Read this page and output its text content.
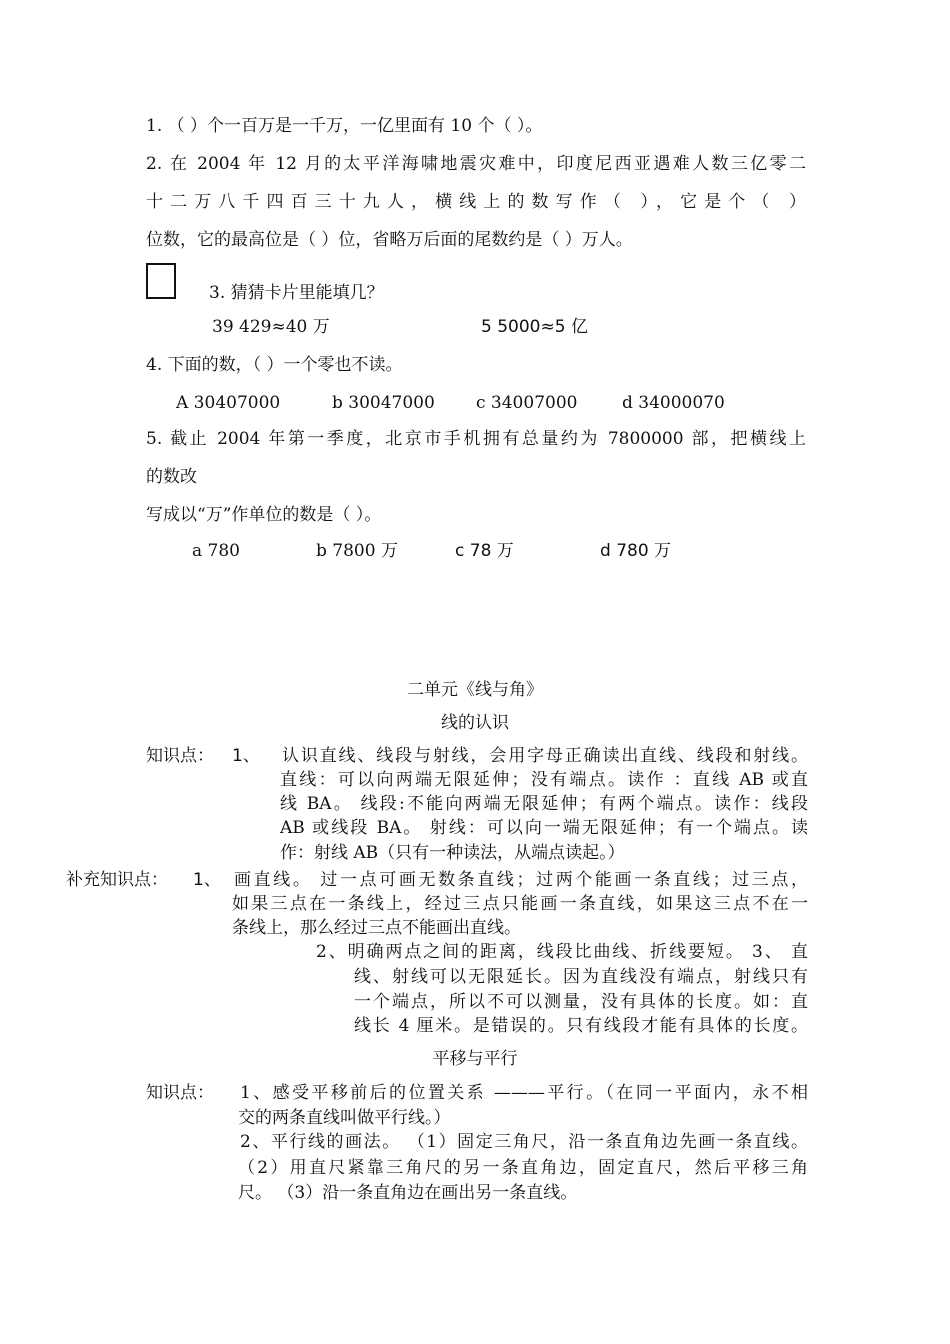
1. （ ）个一百万是一千万，一亿里面有 10 个（ ）。
2. 在 2004 年 12 月的太平洋海啸地震灾难中，印度尼西亚遇难人数三亿零二
十二万八千四百三十九人，横线上的数写作（ ），它是个（ ）
位数，它的最高位是（ ）位，省略万后面的尾数约是（ ）万人。
3. 猜猜卡片里能填几？
39 429≈40 万	5 5000≈5 亿
4. 下面的数，（ ）一个零也不读。
A 30407000	b 30047000 c 34007000	d 34000070
5. 截止 2004 年第一季度，北京市手机拥有总量约为 7800000 部，把横线上
的数改
写成以“万”作单位的数是（ ）。
a 780	b 7800 万	c 78 万	d 780 万
二单元《线与角》
线的认识
知识点： 1、 认识直线、线段与射线，会用字母正确读出直线、线段和射线。
直线：可以向两端无限延伸；没有端点。读作 ：直线 AB 或直
线 BA。 线段:不能向两端无限延伸；有两个端点。读作：线段
AB 或线段 BA。 射线：可以向一端无限延伸；有一个端点。读
作：射线 AB（只有一种读法，从端点读起。）
补充知识点： 1、 画直线。 过一点可画无数条直线；过两个能画一条直线；过三点，
如果三点在一条线上，经过三点只能画一条直线，如果这三点不在一
条线上，那么经过三点不能画出直线。
2、明确两点之间的距离，线段比曲线、折线要短。 3、 直
线、射线可以无限延长。因为直线没有端点，射线只有
一个端点，所以不可以测量，没有具体的长度。如：直
线长 4 厘米。是错误的。只有线段才能有具体的长度。
平移与平行
知识点： 1、感受平移前后的位置关系 ———平行。（在同一平面内，永不相
交的两条直线叫做平行线。）
2、平行线的画法。 （1）固定三角尺，沿一条直角边先画一条直线。
（2）用直尺紧靠三角尺的另一条直角边，固定直尺，然后平移三角
尺。 （3）沿一条直角边在画出另一条直线。
